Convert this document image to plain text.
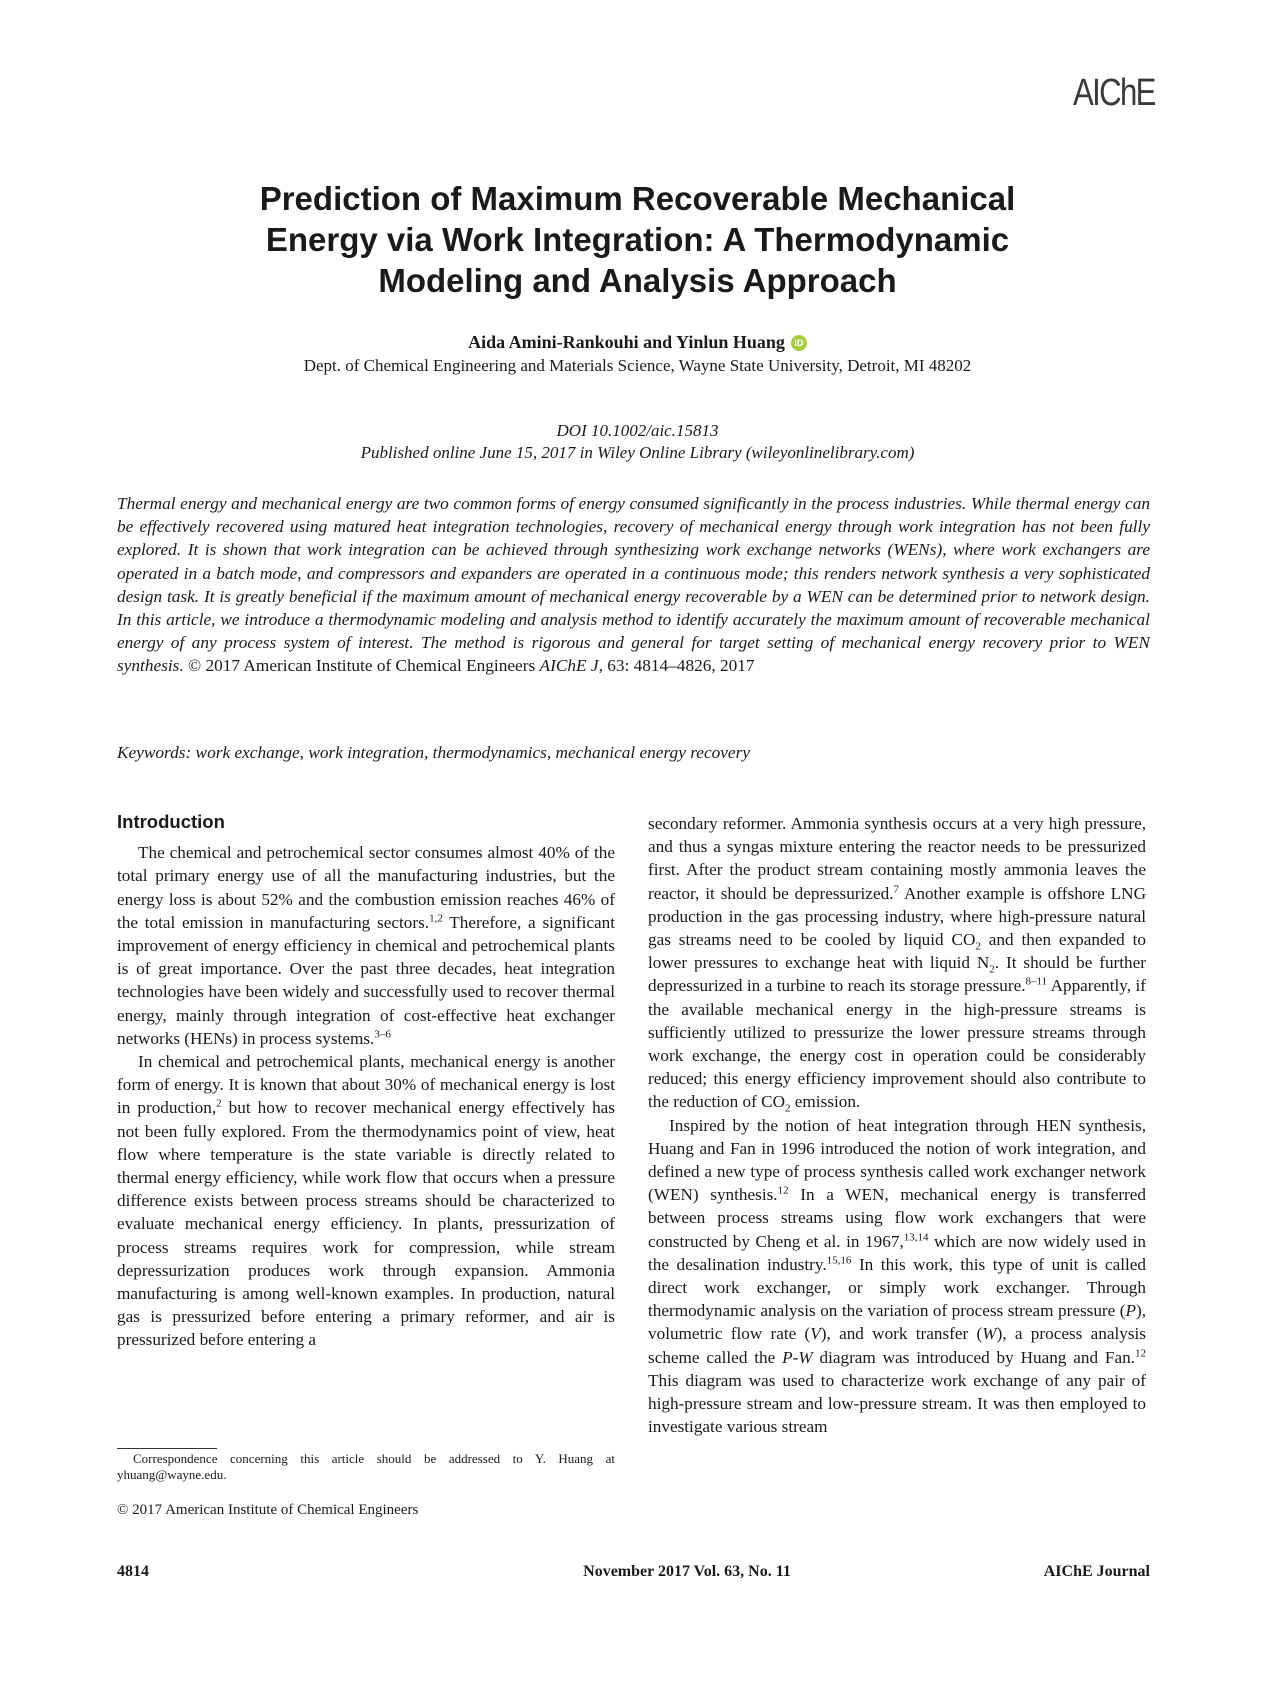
AIChE
Prediction of Maximum Recoverable Mechanical
Energy via Work Integration: A Thermodynamic
Modeling and Analysis Approach
Aida Amini-Rankouhi and Yinlun Huang iD
Dept. of Chemical Engineering and Materials Science, Wayne State University, Detroit, MI 48202
DOI 10.1002/aic.15813
Published online June 15, 2017 in Wiley Online Library (wileyonlinelibrary.com)
Thermal energy and mechanical energy are two common forms of energy consumed significantly in the process industries. While thermal energy can be effectively recovered using matured heat integration technologies, recovery of mechanical energy through work integration has not been fully explored. It is shown that work integration can be achieved through synthesizing work exchange networks (WENs), where work exchangers are operated in a batch mode, and compressors and expanders are operated in a continuous mode; this renders network synthesis a very sophisticated design task. It is greatly beneficial if the maximum amount of mechanical energy recoverable by a WEN can be determined prior to network design. In this article, we introduce a thermodynamic modeling and analysis method to identify accurately the maximum amount of recoverable mechanical energy of any process system of interest. The method is rigorous and general for target setting of mechanical energy recovery prior to WEN synthesis. © 2017 American Institute of Chemical Engineers AIChE J, 63: 4814–4826, 2017
Keywords: work exchange, work integration, thermodynamics, mechanical energy recovery
Introduction

The chemical and petrochemical sector consumes almost 40% of the total primary energy use of all the manufacturing industries, but the energy loss is about 52% and the combustion emission reaches 46% of the total emission in manufacturing sectors.$^{1,2}$ Therefore, a significant improvement of energy efficiency in chemical and petrochemical plants is of great importance. Over the past three decades, heat integration technologies have been widely and successfully used to recover thermal energy, mainly through integration of cost-effective heat exchanger networks (HENs) in process systems.$^{3-6}$

In chemical and petrochemical plants, mechanical energy is another form of energy. It is known that about 30% of mechanical energy is lost in production,$^2$ but how to recover mechanical energy effectively has not been fully explored. From the thermodynamics point of view, heat flow where temperature is the state variable is directly related to thermal energy efficiency, while work flow that occurs when a pressure difference exists between process streams should be characterized to evaluate mechanical energy efficiency. In plants, pressurization of process streams requires work for compression, while stream depressurization produces work through expansion. Ammonia manufacturing is among well-known examples. In production, natural gas is pressurized before entering a primary reformer, and air is pressurized before entering a

secondary reformer. Ammonia synthesis occurs at a very high pressure, and thus a syngas mixture entering the reactor needs to be pressurized first. After the product stream containing mostly ammonia leaves the reactor, it should be depressurized.$^7$ Another example is offshore LNG production in the gas processing industry, where high-pressure natural gas streams need to be cooled by liquid $CO_2$ and then expanded to lower pressures to exchange heat with liquid $N_2$. It should be further depressurized in a turbine to reach its storage pressure.$^{8-11}$ Apparently, if the available mechanical energy in the high-pressure streams is sufficiently utilized to pressurize the lower pressure streams through work exchange, the energy cost in operation could be considerably reduced; this energy efficiency improvement should also contribute to the reduction of $CO_2$ emission.

Inspired by the notion of heat integration through HEN synthesis, Huang and Fan in 1996 introduced the notion of work integration, and defined a new type of process synthesis called work exchanger network (WEN) synthesis.$^{12}$ In a WEN, mechanical energy is transferred between process streams using flow work exchangers that were constructed by Cheng et al. in 1967,$^{13,14}$ which are now widely used in the desalination industry.$^{15,16}$ In this work, this type of unit is called direct work exchanger, or simply work exchanger. Through thermodynamic analysis on the variation of process stream pressure (P), volumetric flow rate (V), and work transfer (W), a process analysis scheme called the P-W diagram was introduced by Huang and Fan.$^{12}$ This diagram was used to characterize work exchange of any pair of high-pressure stream and low-pressure stream. It was then employed to investigate various stream

Correspondence concerning this article should be addressed to Y. Huang at yhuang@wayne.edu.
© 2017 American Institute of Chemical Engineers
4814	November 2017 Vol. 63, No. 11	AIChE Journal
